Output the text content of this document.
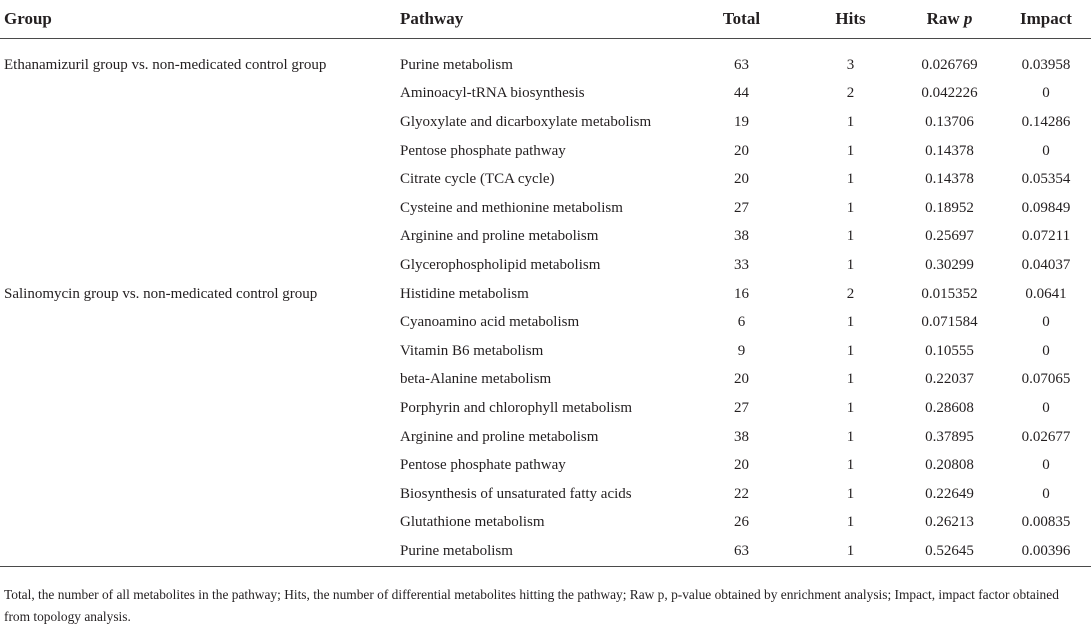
Group	Pathway	Total	Hits	Raw p	Impact

Ethanamizuril group vs. non-medicated control group	Purine metabolism	63	3	0.026769	0.03958
	Aminoacyl-tRNA biosynthesis	44	2	0.042226	0
	Glyoxylate and dicarboxylate metabolism	19	1	0.13706	0.14286
	Pentose phosphate pathway	20	1	0.14378	0
	Citrate cycle (TCA cycle)	20	1	0.14378	0.05354
	Cysteine and methionine metabolism	27	1	0.18952	0.09849
	Arginine and proline metabolism	38	1	0.25697	0.07211
	Glycerophospholipid metabolism	33	1	0.30299	0.04037
Salinomycin group vs. non-medicated control group	Histidine metabolism	16	2	0.015352	0.0641
	Cyanoamino acid metabolism	6	1	0.071584	0
	Vitamin B6 metabolism	9	1	0.10555	0
	beta-Alanine metabolism	20	1	0.22037	0.07065
	Porphyrin and chlorophyll metabolism	27	1	0.28608	0
	Arginine and proline metabolism	38	1	0.37895	0.02677
	Pentose phosphate pathway	20	1	0.20808	0
	Biosynthesis of unsaturated fatty acids	22	1	0.22649	0
	Glutathione metabolism	26	1	0.26213	0.00835
	Purine metabolism	63	1	0.52645	0.00396

Total, the number of all metabolites in the pathway; Hits, the number of differential metabolites hitting the pathway; Raw p, p-value obtained by enrichment analysis; Impact, impact factor obtained from topology analysis.
